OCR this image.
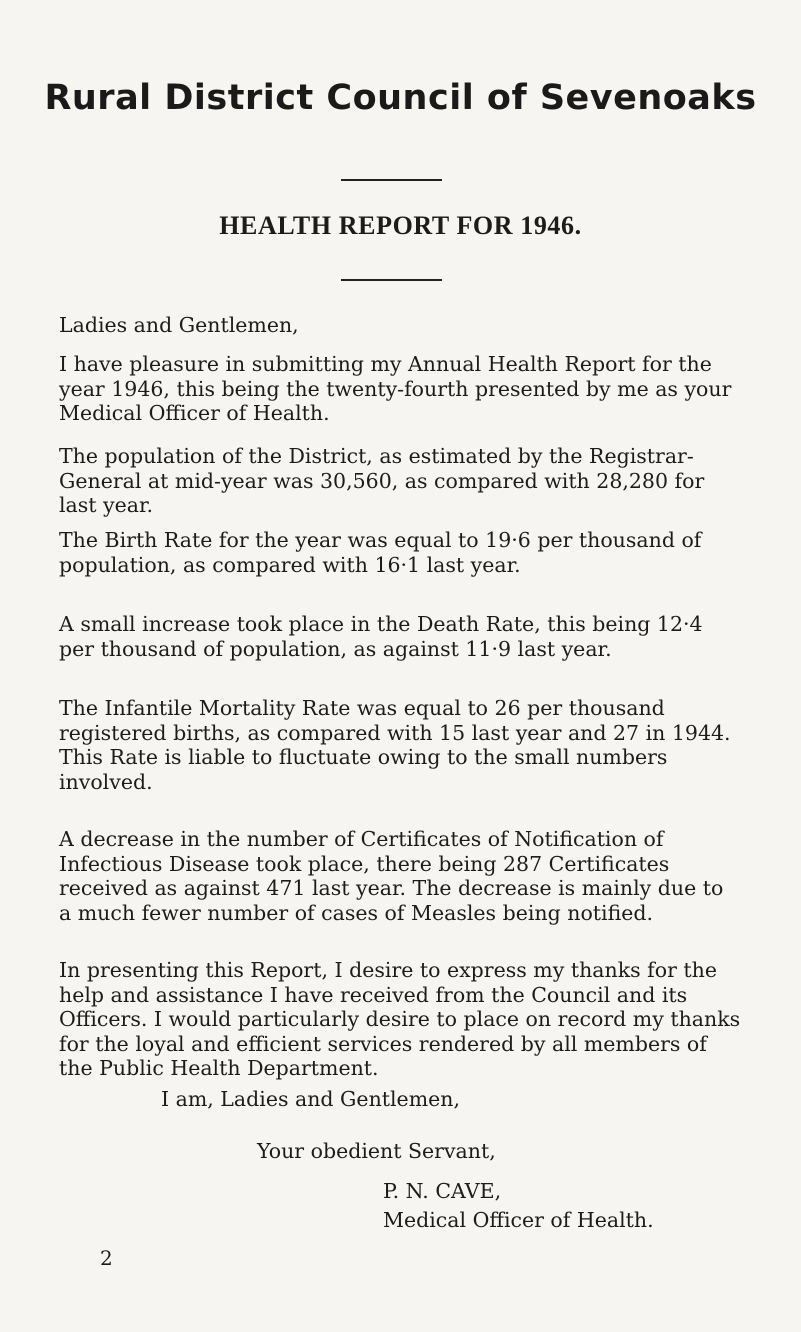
Rural District Council of Sevenoaks
HEALTH REPORT FOR 1946.

Ladies and Gentlemen,

I have pleasure in submitting my Annual Health Report for the year 1946, this being the twenty-fourth presented by me as your Medical Officer of Health.

The population of the District, as estimated by the Registrar-General at mid-year was 30,560, as compared with 28,280 for last year.

The Birth Rate for the year was equal to 19·6 per thousand of population, as compared with 16·1 last year.

A small increase took place in the Death Rate, this being 12·4 per thousand of population, as against 11·9 last year.

The Infantile Mortality Rate was equal to 26 per thousand registered births, as compared with 15 last year and 27 in 1944. This Rate is liable to fluctuate owing to the small numbers involved.

A decrease in the number of Certificates of Notification of Infectious Disease took place, there being 287 Certificates received as against 471 last year. The decrease is mainly due to a much fewer number of cases of Measles being notified.

In presenting this Report, I desire to express my thanks for the help and assistance I have received from the Council and its Officers. I would particularly desire to place on record my thanks for the loyal and efficient services rendered by all members of the Public Health Department.

I am, Ladies and Gentlemen,

Your obedient Servant,

P. N. CAVE,

Medical Officer of Health.

2
